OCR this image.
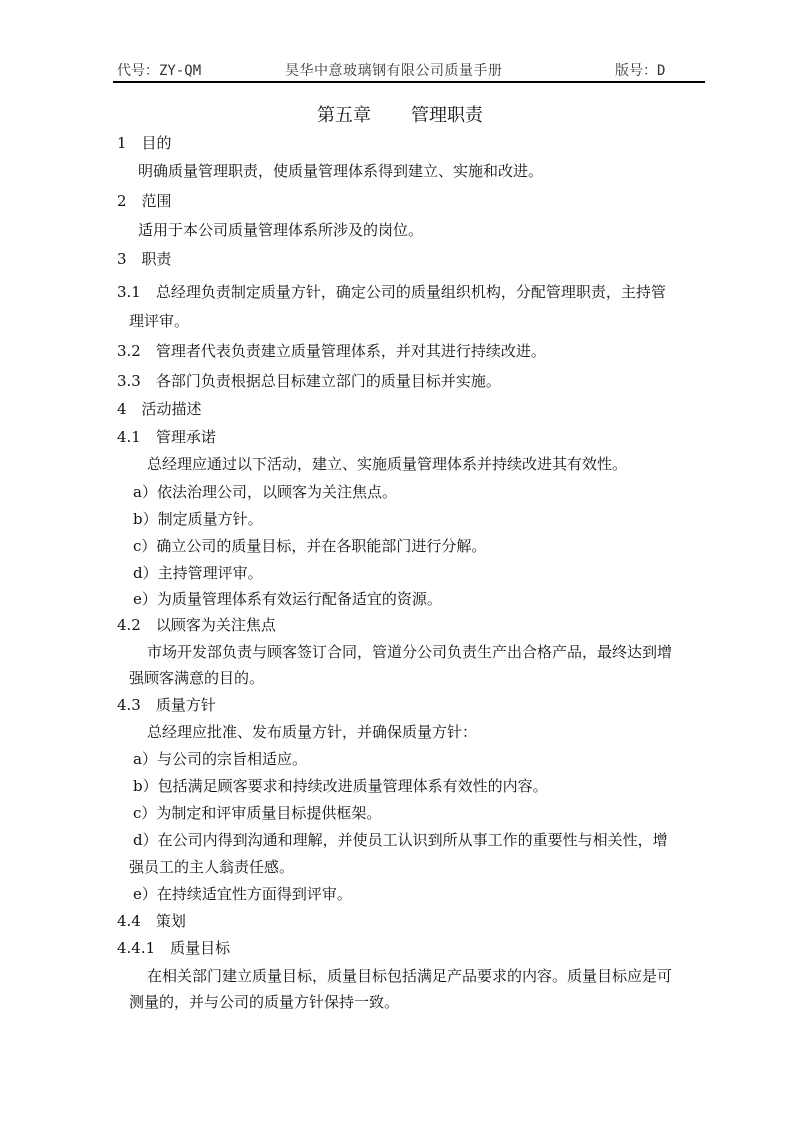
代号：ZY-QM	昊华中意玻璃钢有限公司质量手册	版号：D
第五章 管理职责
1　目的
明确质量管理职责，使质量管理体系得到建立、实施和改进。
2　范围
适用于本公司质量管理体系所涉及的岗位。
3　职责
3.1　总经理负责制定质量方针，确定公司的质量组织机构，分配管理职责，主持管
理评审。
3.2　管理者代表负责建立质量管理体系，并对其进行持续改进。
3.3　各部门负责根据总目标建立部门的质量目标并实施。
4　活动描述
4.1　管理承诺
总经理应通过以下活动，建立、实施质量管理体系并持续改进其有效性。
a）依法治理公司，以顾客为关注焦点。
b）制定质量方针。
c）确立公司的质量目标，并在各职能部门进行分解。
d）主持管理评审。
e）为质量管理体系有效运行配备适宜的资源。
4.2　以顾客为关注焦点
市场开发部负责与顾客签订合同，管道分公司负责生产出合格产品，最终达到增
强顾客满意的目的。
4.3　质量方针
总经理应批准、发布质量方针，并确保质量方针：
a）与公司的宗旨相适应。
b）包括满足顾客要求和持续改进质量管理体系有效性的内容。
c）为制定和评审质量目标提供框架。
d）在公司内得到沟通和理解，并使员工认识到所从事工作的重要性与相关性，增
强员工的主人翁责任感。
e）在持续适宜性方面得到评审。
4.4　策划
4.4.1　质量目标
在相关部门建立质量目标，质量目标包括满足产品要求的内容。质量目标应是可
测量的，并与公司的质量方针保持一致。
